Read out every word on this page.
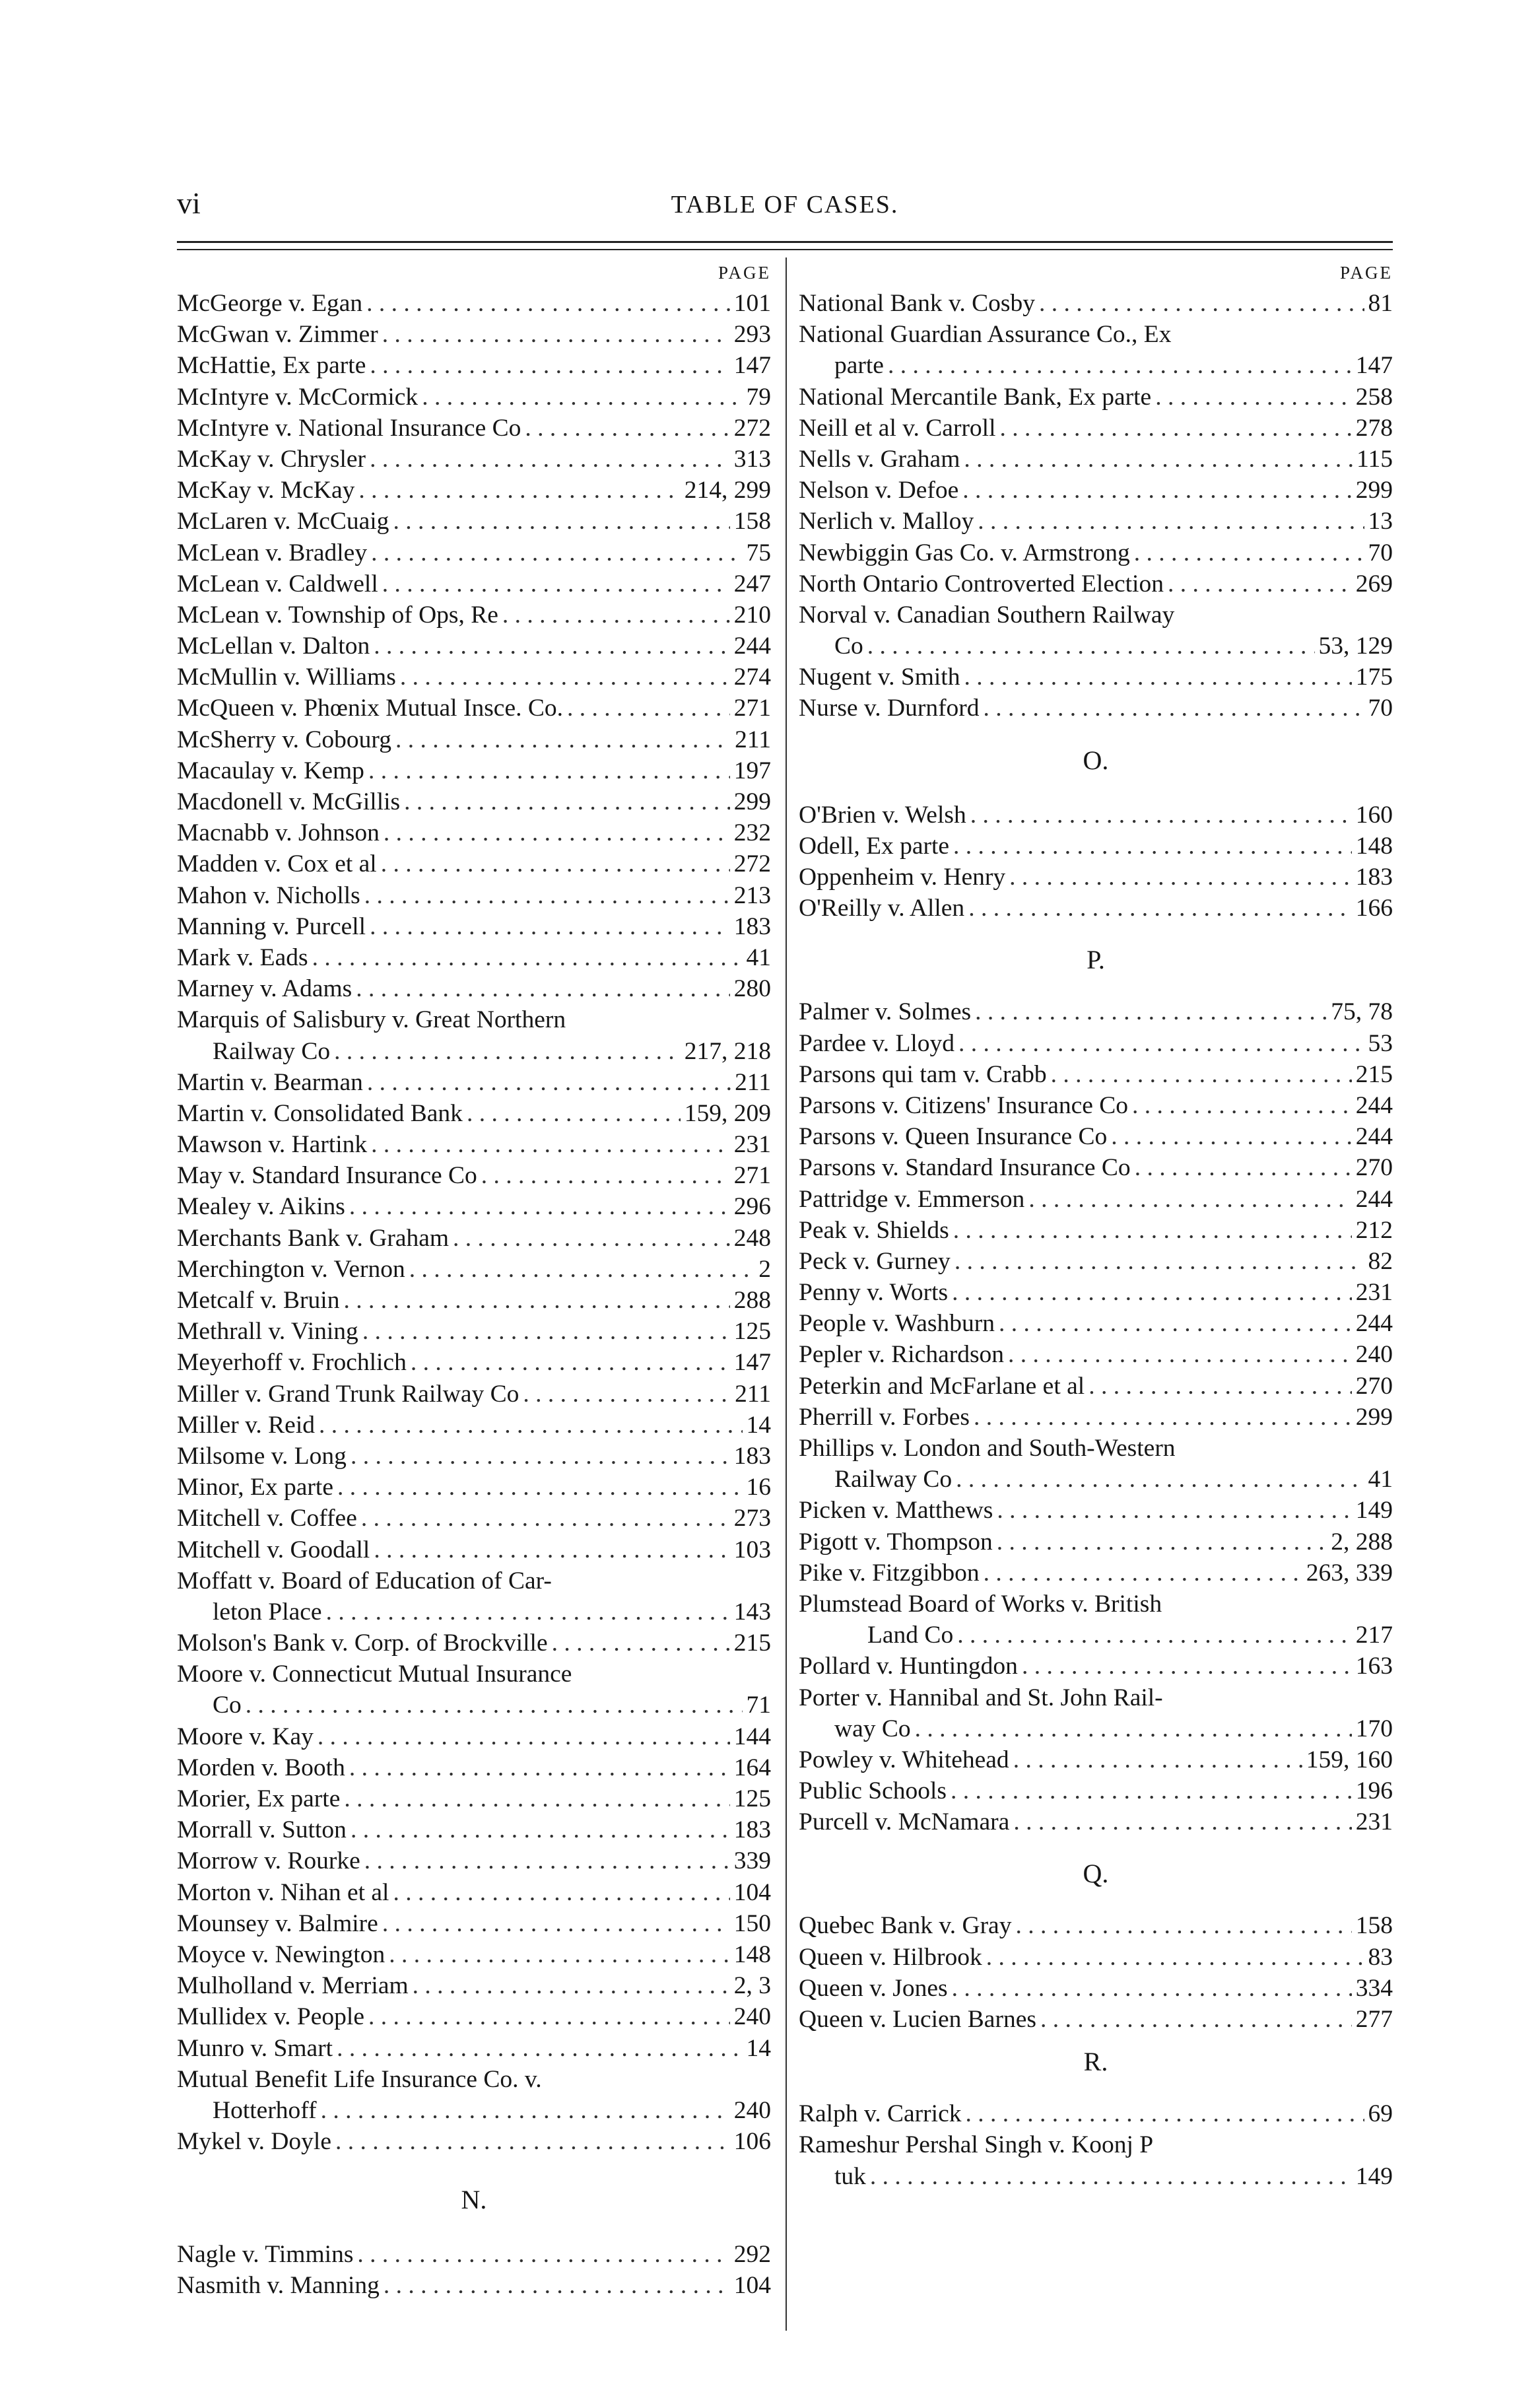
vi	TABLE OF CASES.
PAGE
McGeorge v. Egan . . .	101
McGwan v. Zimmer . . .	293
McHattie, Ex parte . . .	147
McIntyre v. McCormick . . .	79
McIntyre v. National Insurance Co . . .	272
McKay v. Chrysler . . .	313
McKay v. McKay . . .	214, 299
McLaren v. McCuaig . . .	158
McLean v. Bradley . . .	75
McLean v. Caldwell . . .	247
McLean v. Township of Ops, Re . . .	210
McLellan v. Dalton . . .	244
McMullin v. Williams . . .	274
McQueen v. Phœnix Mutual Insce. Co. . . .	271
McSherry v. Cobourg . . .	211
Macaulay v. Kemp . . .	197
Macdonell v. McGillis . . .	299
Macnabb v. Johnson . . .	232
Madden v. Cox et al . . .	272
Mahon v. Nicholls . . .	213
Manning v. Purcell . . .	183
Mark v. Eads . . .	41
Marney v. Adams . . .	280
Marquis of Salisbury v. Great Northern
Railway Co . . .	217, 218
Martin v. Bearman . . .	211
Martin v. Consolidated Bank . . .	159, 209
Mawson v. Hartink . . .	231
May v. Standard Insurance Co . . .	271
Mealey v. Aikins . . .	296
Merchants Bank v. Graham . . .	248
Merchington v. Vernon . . .	2
Metcalf v. Bruin . . .	288
Methrall v. Vining . . .	125
Meyerhoff v. Frochlich . . .	147
Miller v. Grand Trunk Railway Co . . .	211
Miller v. Reid . . .	14
Milsome v. Long . . .	183
Minor, Ex parte . . .	16
Mitchell v. Coffee . . .	273
Mitchell v. Goodall . . .	103
Moffatt v. Board of Education of Car-
leton Place . . .	143
Molson's Bank v. Corp. of Brockville . . .	215
Moore v. Connecticut Mutual Insurance
Co . . .	71
Moore v. Kay . . .	144
Morden v. Booth . . .	164
Morier, Ex parte . . .	125
Morrall v. Sutton . . .	183
Morrow v. Rourke . . .	339
Morton v. Nihan et al . . .	104
Mounsey v. Balmire . . .	150
Moyce v. Newington . . .	148
Mulholland v. Merriam . . .	2, 3
Mullidex v. People . . .	240
Munro v. Smart . . .	14
Mutual Benefit Life Insurance Co. v.
Hotterhoff . . .	240
Mykel v. Doyle . . .	106
N.
Nagle v. Timmins . . .	292
Nasmith v. Manning . . .	104
PAGE
National Bank v. Cosby . . .	81
National Guardian Assurance Co., Ex
parte . . .	147
National Mercantile Bank, Ex parte . . .	258
Neill et al v. Carroll . . .	278
Nells v. Graham . . .	115
Nelson v. Defoe . . .	299
Nerlich v. Malloy . . .	13
Newbiggin Gas Co. v. Armstrong . . .	70
North Ontario Controverted Election . . .	269
Norval v. Canadian Southern Railway
Co . . .	53, 129
Nugent v. Smith . . .	175
Nurse v. Durnford . . .	70
O.
O'Brien v. Welsh . . .	160
Odell, Ex parte . . .	148
Oppenheim v. Henry . . .	183
O'Reilly v. Allen . . .	166
P.
Palmer v. Solmes . . .	75, 78
Pardee v. Lloyd . . .	53
Parsons qui tam v. Crabb . . .	215
Parsons v. Citizens' Insurance Co . . .	244
Parsons v. Queen Insurance Co . . .	244
Parsons v. Standard Insurance Co . . .	270
Pattridge v. Emmerson . . .	244
Peak v. Shields . . .	212
Peck v. Gurney . . .	82
Penny v. Worts . . .	231
People v. Washburn . . .	244
Pepler v. Richardson . . .	240
Peterkin and McFarlane et al . . .	270
Pherrill v. Forbes . . .	299
Phillips v. London and South-Western
Railway Co . . .	41
Picken v. Matthews . . .	149
Pigott v. Thompson . . .	2, 288
Pike v. Fitzgibbon . . .	263, 339
Plumstead Board of Works v. British
Land Co . . .	217
Pollard v. Huntingdon . . .	163
Porter v. Hannibal and St. John Rail-
way Co . . .	170
Powley v. Whitehead . . .	159, 160
Public Schools . . .	196
Purcell v. McNamara . . .	231
Q.
Quebec Bank v. Gray . . .	158
Queen v. Hilbrook . . .	83
Queen v. Jones . . .	334
Queen v. Lucien Barnes . . .	277
R.
Ralph v. Carrick . . .	69
Rameshur Pershal Singh v. Koonj P
tuk . . .	149
